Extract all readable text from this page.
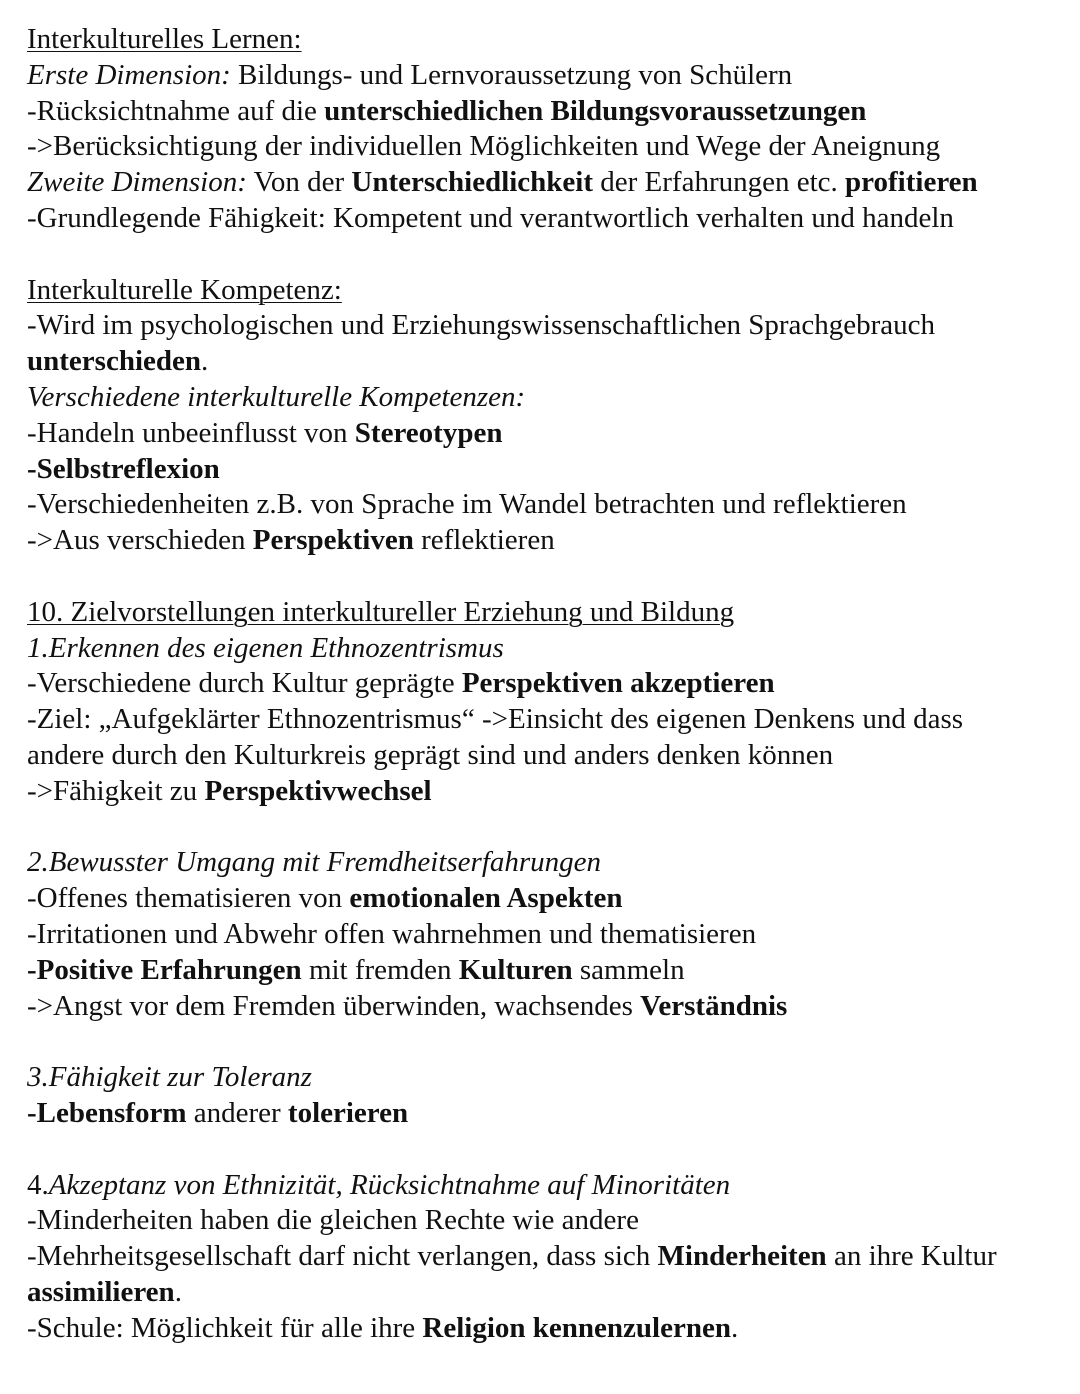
Interkulturelles Lernen:
Erste Dimension: Bildungs- und Lernvoraussetzung von Schülern
-Rücksichtnahme auf die unterschiedlichen Bildungsvoraussetzungen
->Berücksichtigung der individuellen Möglichkeiten und Wege der Aneignung
Zweite Dimension: Von der Unterschiedlichkeit der Erfahrungen etc. profitieren
-Grundlegende Fähigkeit: Kompetent und verantwortlich verhalten und handeln
Interkulturelle Kompetenz:
-Wird im psychologischen und Erziehungswissenschaftlichen Sprachgebrauch
unterschieden.
Verschiedene interkulturelle Kompetenzen:
-Handeln unbeeinflusst von Stereotypen
-Selbstreflexion
-Verschiedenheiten z.B. von Sprache im Wandel betrachten und reflektieren
->Aus verschieden Perspektiven reflektieren
10. Zielvorstellungen interkultureller Erziehung und Bildung
1.Erkennen des eigenen Ethnozentrismus
-Verschiedene durch Kultur geprägte Perspektiven akzeptieren
-Ziel: „Aufgeklärter Ethnozentrismus“ ->Einsicht des eigenen Denkens und dass
andere durch den Kulturkreis geprägt sind und anders denken können
->Fähigkeit zu Perspektivwechsel
2.Bewusster Umgang mit Fremdheitserfahrungen
-Offenes thematisieren von emotionalen Aspekten
-Irritationen und Abwehr offen wahrnehmen und thematisieren
-Positive Erfahrungen mit fremden Kulturen sammeln
->Angst vor dem Fremden überwinden, wachsendes Verständnis
3.Fähigkeit zur Toleranz
-Lebensform anderer tolerieren
4.Akzeptanz von Ethnizität, Rücksichtnahme auf Minoritäten
-Minderheiten haben die gleichen Rechte wie andere
-Mehrheitsgesellschaft darf nicht verlangen, dass sich Minderheiten an ihre Kultur
assimilieren.
-Schule: Möglichkeit für alle ihre Religion kennenzulernen.
